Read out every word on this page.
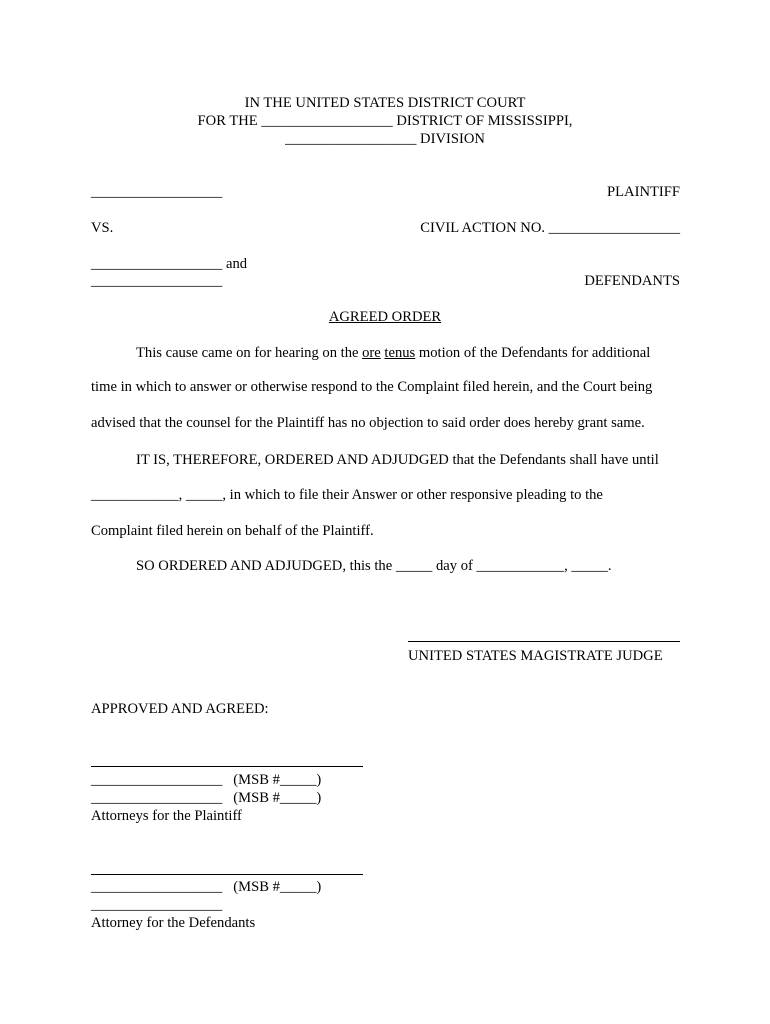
IN THE UNITED STATES DISTRICT COURT
FOR THE __________________ DISTRICT OF MISSISSIPPI,
__________________ DIVISION
__________________	PLAINTIFF
VS.	CIVIL ACTION NO. __________________
__________________ and
__________________	DEFENDANTS
AGREED ORDER
This cause came on for hearing on the ore tenus motion of the Defendants for additional
time in which to answer or otherwise respond to the Complaint filed herein, and the Court being
advised that the counsel for the Plaintiff has no objection to said order does hereby grant same.
IT IS, THEREFORE, ORDERED AND ADJUDGED that the Defendants shall have until
____________, _____, in which to file their Answer or other responsive pleading to the
Complaint filed herein on behalf of the Plaintiff.
SO ORDERED AND ADJUDGED, this the _____ day of ____________, _____.
UNITED STATES MAGISTRATE JUDGE
APPROVED AND AGREED:
__________________   (MSB #_____)
__________________   (MSB #_____)
Attorneys for the Plaintiff
__________________   (MSB #_____)
__________________
Attorney for the Defendants
